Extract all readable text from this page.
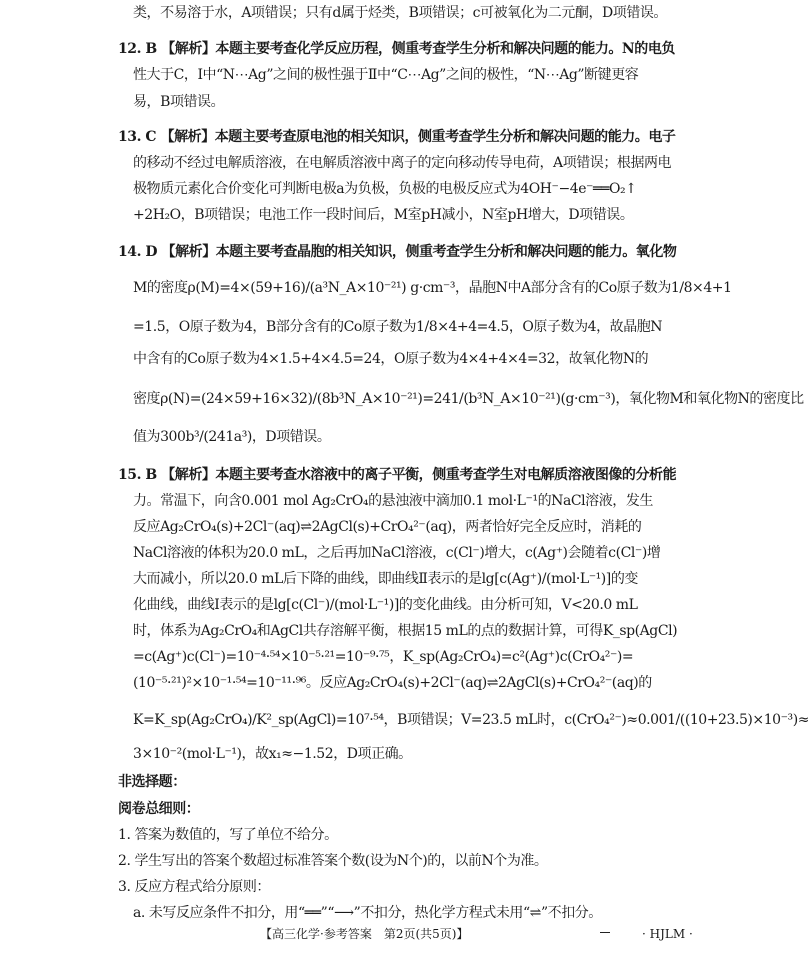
类，不易溶于水，A项错误；只有d属于烃类，B项错误；c可被氧化为二元酮，D项错误。
12. B 【解析】本题主要考查化学反应历程，侧重考查学生分析和解决问题的能力。N的电负
性大于C，Ⅰ中“N⋯Ag”之间的极性强于Ⅱ中“C⋯Ag”之间的极性，“N⋯Ag”断键更容
易，B项错误。
13. C 【解析】本题主要考查原电池的相关知识，侧重考查学生分析和解决问题的能力。电子
的移动不经过电解质溶液，在电解质溶液中离子的定向移动传导电荷，A项错误；根据两电
极物质元素化合价变化可判断电极a为负极，负极的电极反应式为4OH⁻−4e⁻══O₂↑
+2H₂O，B项错误；电池工作一段时间后，M室pH减小，N室pH增大，D项错误。
14. D 【解析】本题主要考查晶胞的相关知识，侧重考查学生分析和解决问题的能力。氧化物
M的密度ρ(M)=4×(59+16)/(a³N_A×10⁻²¹) g·cm⁻³，晶胞N中A部分含有的Co原子数为1/8×4+1
=1.5，O原子数为4，B部分含有的Co原子数为1/8×4+4=4.5，O原子数为4，故晶胞N
中含有的Co原子数为4×1.5+4×4.5=24，O原子数为4×4+4×4=32，故氧化物N的
密度ρ(N)=(24×59+16×32)/(8b³N_A×10⁻²¹)=241/(b³N_A×10⁻²¹)(g·cm⁻³)，氧化物M和氧化物N的密度比
值为300b³/(241a³)，D项错误。
15. B 【解析】本题主要考查水溶液中的离子平衡，侧重考查学生对电解质溶液图像的分析能
力。常温下，向含0.001 mol Ag₂CrO₄的悬浊液中滴加0.1 mol·L⁻¹的NaCl溶液，发生
反应Ag₂CrO₄(s)+2Cl⁻(aq)⇌2AgCl(s)+CrO₄²⁻(aq)，两者恰好完全反应时，消耗的
NaCl溶液的体积为20.0 mL，之后再加NaCl溶液，c(Cl⁻)增大，c(Ag⁺)会随着c(Cl⁻)增
大而减小，所以20.0 mL后下降的曲线，即曲线Ⅱ表示的是lg[c(Ag⁺)/(mol·L⁻¹)]的变
化曲线，曲线Ⅰ表示的是lg[c(Cl⁻)/(mol·L⁻¹)]的变化曲线。由分析可知，V<20.0 mL
时，体系为Ag₂CrO₄和AgCl共存溶解平衡，根据15 mL的点的数据计算，可得K_sp(AgCl)
=c(Ag⁺)c(Cl⁻)=10⁻⁴·⁵⁴×10⁻⁵·²¹=10⁻⁹·⁷⁵，K_sp(Ag₂CrO₄)=c²(Ag⁺)c(CrO₄²⁻)=
(10⁻⁵·²¹)²×10⁻¹·⁵⁴=10⁻¹¹·⁹⁶。反应Ag₂CrO₄(s)+2Cl⁻(aq)⇌2AgCl(s)+CrO₄²⁻(aq)的
K=K_sp(Ag₂CrO₄)/K²_sp(AgCl)=10⁷·⁵⁴，B项错误；V=23.5 mL时，c(CrO₄²⁻)≈0.001/((10+23.5)×10⁻³)≈
3×10⁻²(mol·L⁻¹)，故x₁≈−1.52，D项正确。
非选择题：
阅卷总细则：
1. 答案为数值的，写了单位不给分。
2. 学生写出的答案个数超过标准答案个数(设为N个)的，以前N个为准。
3. 反应方程式给分原则：
a. 未写反应条件不扣分，用“══”“⟶”不扣分，热化学方程式未用“⇌”不扣分。
【高三化学·参考答案　第2页(共5页)】	· HJLM ·
